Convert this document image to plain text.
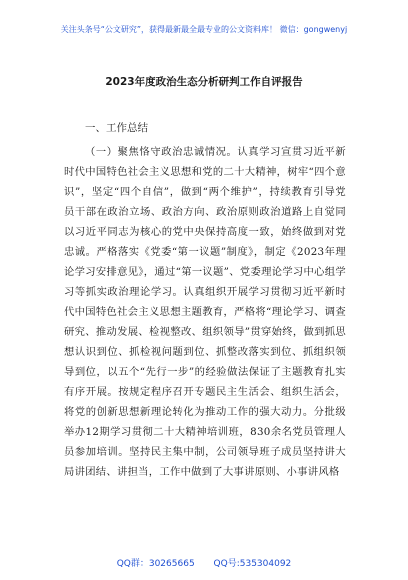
关注头条号“公文研究”，获得最新最全最专业的公文资料库！ 微信：gongwenyj
2023年度政治生态分析研判工作自评报告
一、工作总结
（一）聚焦恪守政治忠诚情况。认真学习宣贯习近平新时代中国特色社会主义思想和党的二十大精神，树牢“四个意识”，坚定“四个自信”，做到“两个维护”，持续教育引导党员干部在政治立场、政治方向、政治原则政治道路上自觉同以习近平同志为核心的党中央保持高度一致，始终做到对党忠诚。严格落实《党委“第一议题”制度》，制定《2023年理论学习安排意见》，通过“第一议题”、党委理论学习中心组学习等抓实政治理论学习。认真组织开展学习贯彻习近平新时代中国特色社会主义思想主题教育，严格将“理论学习、调查研究、推动发展、检视整改、组织领导”贯穿始终，做到抓思想认识到位、抓检视问题到位、抓整改落实到位、抓组织领导到位，以五个“先行一步”的经验做法保证了主题教育扎实有序开展。按规定程序召开专题民主生活会、组织生活会，将党的创新思想新理论转化为推动工作的强大动力。分批级举办12期学习贯彻二十大精神培训班，830余名党员管理人员参加培训。坚持民主集中制，公司领导班子成员坚持讲大局讲团结、讲担当，工作中做到了大事讲原则、小事讲风格
QQ群：30265665 QQ号:535304092
